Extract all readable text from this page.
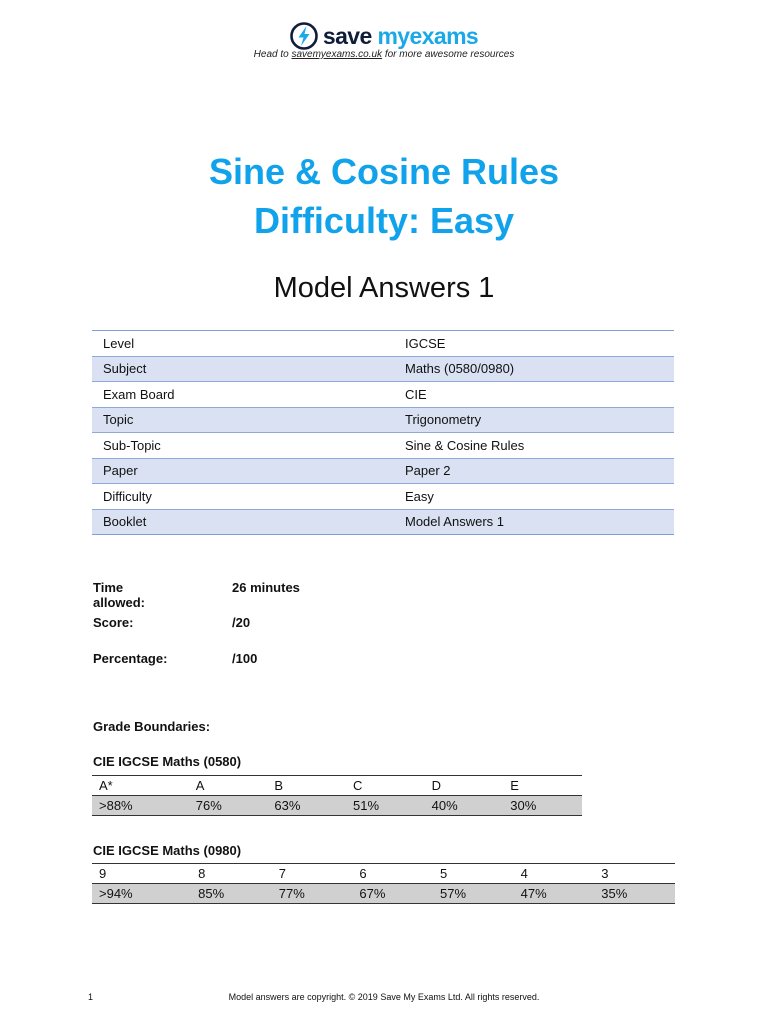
save myexams
Head to savemyexams.co.uk for more awesome resources
Sine & Cosine Rules
Difficulty: Easy
Model Answers 1
Level	IGCSE
Subject	Maths (0580/0980)
Exam Board	CIE
Topic	Trigonometry
Sub-Topic	Sine & Cosine Rules
Paper	Paper 2
Difficulty	Easy
Booklet	Model Answers 1
Time allowed:
26 minutes
Score:	/20
Percentage:	/100
Grade Boundaries:
CIE IGCSE Maths (0580)
A*	A	B	C	D	E
>88%	76%	63%	51%	40%	30%
CIE IGCSE Maths (0980)
9	8	7	6	5	4	3
>94%	85%	77%	67%	57%	47%	35%
1	Model answers are copyright. © 2019 Save My Exams Ltd. All rights reserved.
